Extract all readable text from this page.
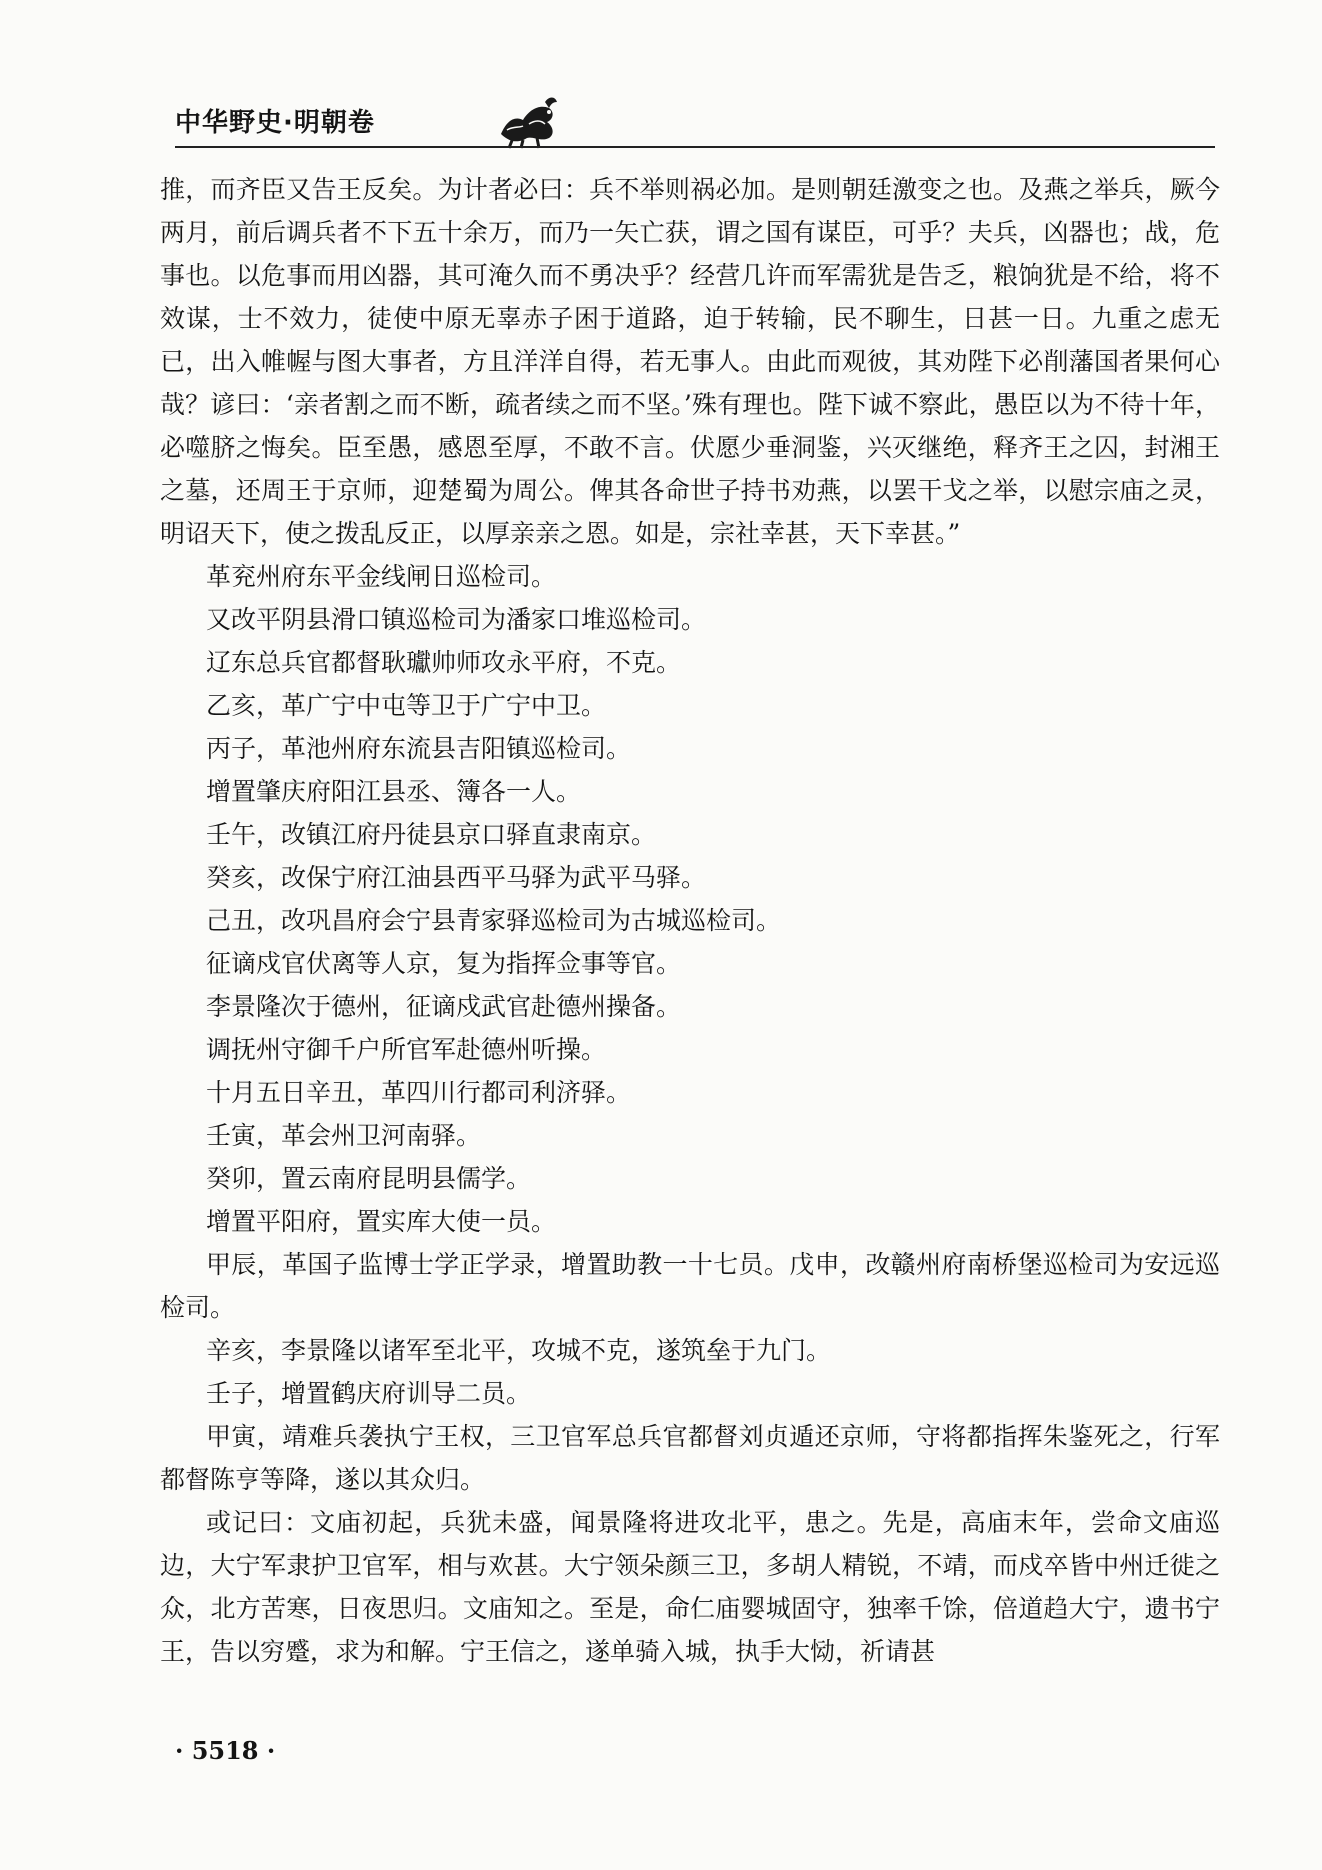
中华野史·明朝卷

推，而齐臣又告王反矣。为计者必曰：兵不举则祸必加。是则朝廷激变之也。及燕之举兵，厥今两月，前后调兵者不下五十余万，而乃一矢亡获，谓之国有谋臣，可乎？夫兵，凶器也；战，危事也。以危事而用凶器，其可淹久而不勇决乎？经营几许而军需犹是告乏，粮饷犹是不给，将不效谋，士不效力，徒使中原无辜赤子困于道路，迫于转输，民不聊生，日甚一日。九重之虑无已，出入帷幄与图大事者，方且洋洋自得，若无事人。由此而观彼，其劝陛下必削藩国者果何心哉？谚曰：‘亲者割之而不断，疏者续之而不坚。’殊有理也。陛下诚不察此，愚臣以为不待十年，必噬脐之悔矣。臣至愚，感恩至厚，不敢不言。伏愿少垂洞鉴，兴灭继绝，释齐王之囚，封湘王之墓，还周王于京师，迎楚蜀为周公。俾其各命世子持书劝燕，以罢干戈之举，以慰宗庙之灵，明诏天下，使之拨乱反正，以厚亲亲之恩。如是，宗社幸甚，天下幸甚。”

革兖州府东平金线闸日巡检司。

又改平阴县滑口镇巡检司为潘家口堆巡检司。

辽东总兵官都督耿瓛帅师攻永平府，不克。

乙亥，革广宁中屯等卫于广宁中卫。

丙子，革池州府东流县吉阳镇巡检司。

增置肇庆府阳江县丞、簿各一人。

壬午，改镇江府丹徒县京口驿直隶南京。

癸亥，改保宁府江油县西平马驿为武平马驿。

己丑，改巩昌府会宁县青家驿巡检司为古城巡检司。

征谪戍官伏离等人京，复为指挥佥事等官。

李景隆次于德州，征谪戍武官赴德州操备。

调抚州守御千户所官军赴德州听操。

十月五日辛丑，革四川行都司利济驿。

壬寅，革会州卫河南驿。

癸卯，置云南府昆明县儒学。

增置平阳府，置实库大使一员。

甲辰，革国子监博士学正学录，增置助教一十七员。戊申，改赣州府南桥堡巡检司为安远巡检司。

辛亥，李景隆以诸军至北平，攻城不克，遂筑垒于九门。

壬子，增置鹤庆府训导二员。

甲寅，靖难兵袭执宁王权，三卫官军总兵官都督刘贞遁还京师，守将都指挥朱鉴死之，行军都督陈亨等降，遂以其众归。

或记曰：文庙初起，兵犹未盛，闻景隆将进攻北平，患之。先是，高庙末年，尝命文庙巡边，大宁军隶护卫官军，相与欢甚。大宁领朵颜三卫，多胡人精锐，不靖，而戍卒皆中州迁徙之众，北方苦寒，日夜思归。文庙知之。至是，命仁庙婴城固守，独率千馀，倍道趋大宁，遗书宁王，告以穷蹙，求为和解。宁王信之，遂单骑入城，执手大恸，祈请甚

· 5518 ·
